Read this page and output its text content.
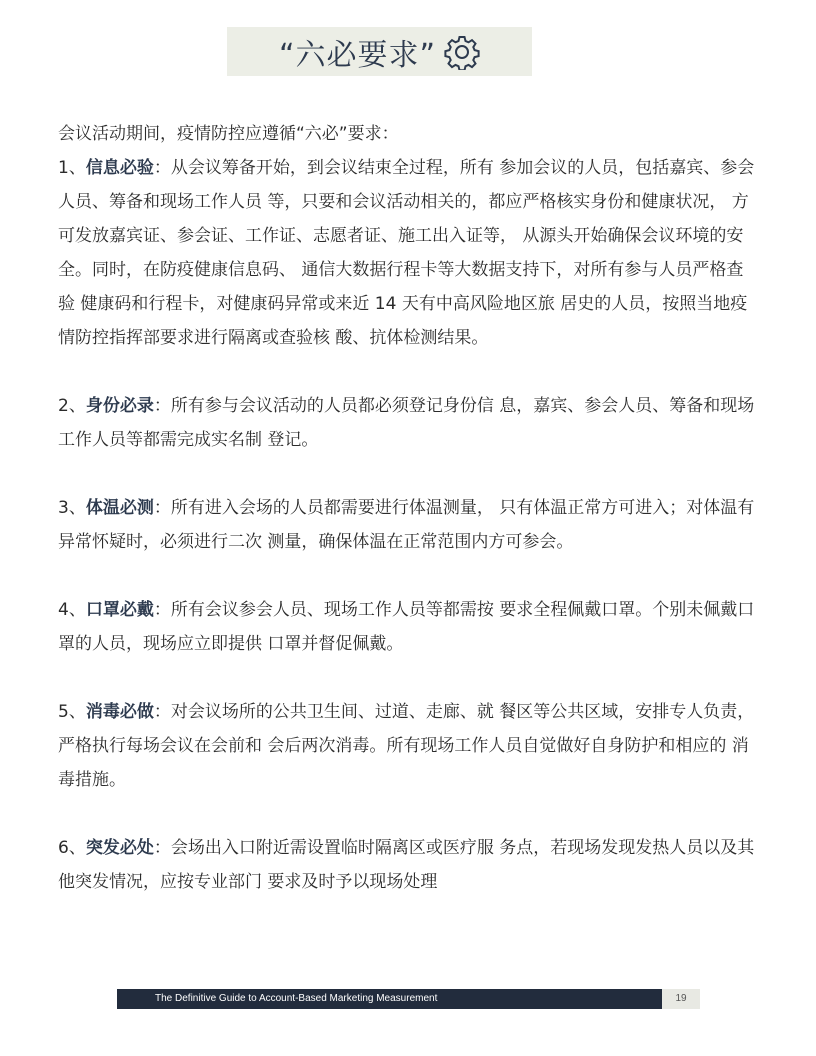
“六必要求”

会议活动期间，疫情防控应遵循“六必”要求：

1、信息必验：从会议筹备开始，到会议结束全过程，所有 参加会议的人员，包括嘉宾、参会人员、筹备和现场工作人员 等，只要和会议活动相关的，都应严格核实身份和健康状况， 方可发放嘉宾证、参会证、工作证、志愿者证、施工出入证等， 从源头开始确保会议环境的安全。同时，在防疫健康信息码、 通信大数据行程卡等大数据支持下，对所有参与人员严格查验 健康码和行程卡，对健康码异常或来近 14 天有中高风险地区旅 居史的人员，按照当地疫情防控指挥部要求进行隔离或查验核 酸、抗体检测结果。

2、身份必录：所有参与会议活动的人员都必须登记身份信 息，嘉宾、参会人员、筹备和现场工作人员等都需完成实名制 登记。

3、体温必测：所有进入会场的人员都需要进行体温测量， 只有体温正常方可进入；对体温有异常怀疑时，必须进行二次 测量，确保体温在正常范围内方可参会。

4、口罩必戴：所有会议参会人员、现场工作人员等都需按 要求全程佩戴口罩。个别未佩戴口罩的人员，现场应立即提供 口罩并督促佩戴。

5、消毒必做：对会议场所的公共卫生间、过道、走廊、就 餐区等公共区域，安排专人负责，严格执行每场会议在会前和 会后两次消毒。所有现场工作人员自觉做好自身防护和相应的 消毒措施。

6、突发必处：会场出入口附近需设置临时隔离区或医疗服 务点，若现场发现发热人员以及其他突发情况，应按专业部门 要求及时予以现场处理

The Definitive Guide to Account-Based Marketing Measurement	19
